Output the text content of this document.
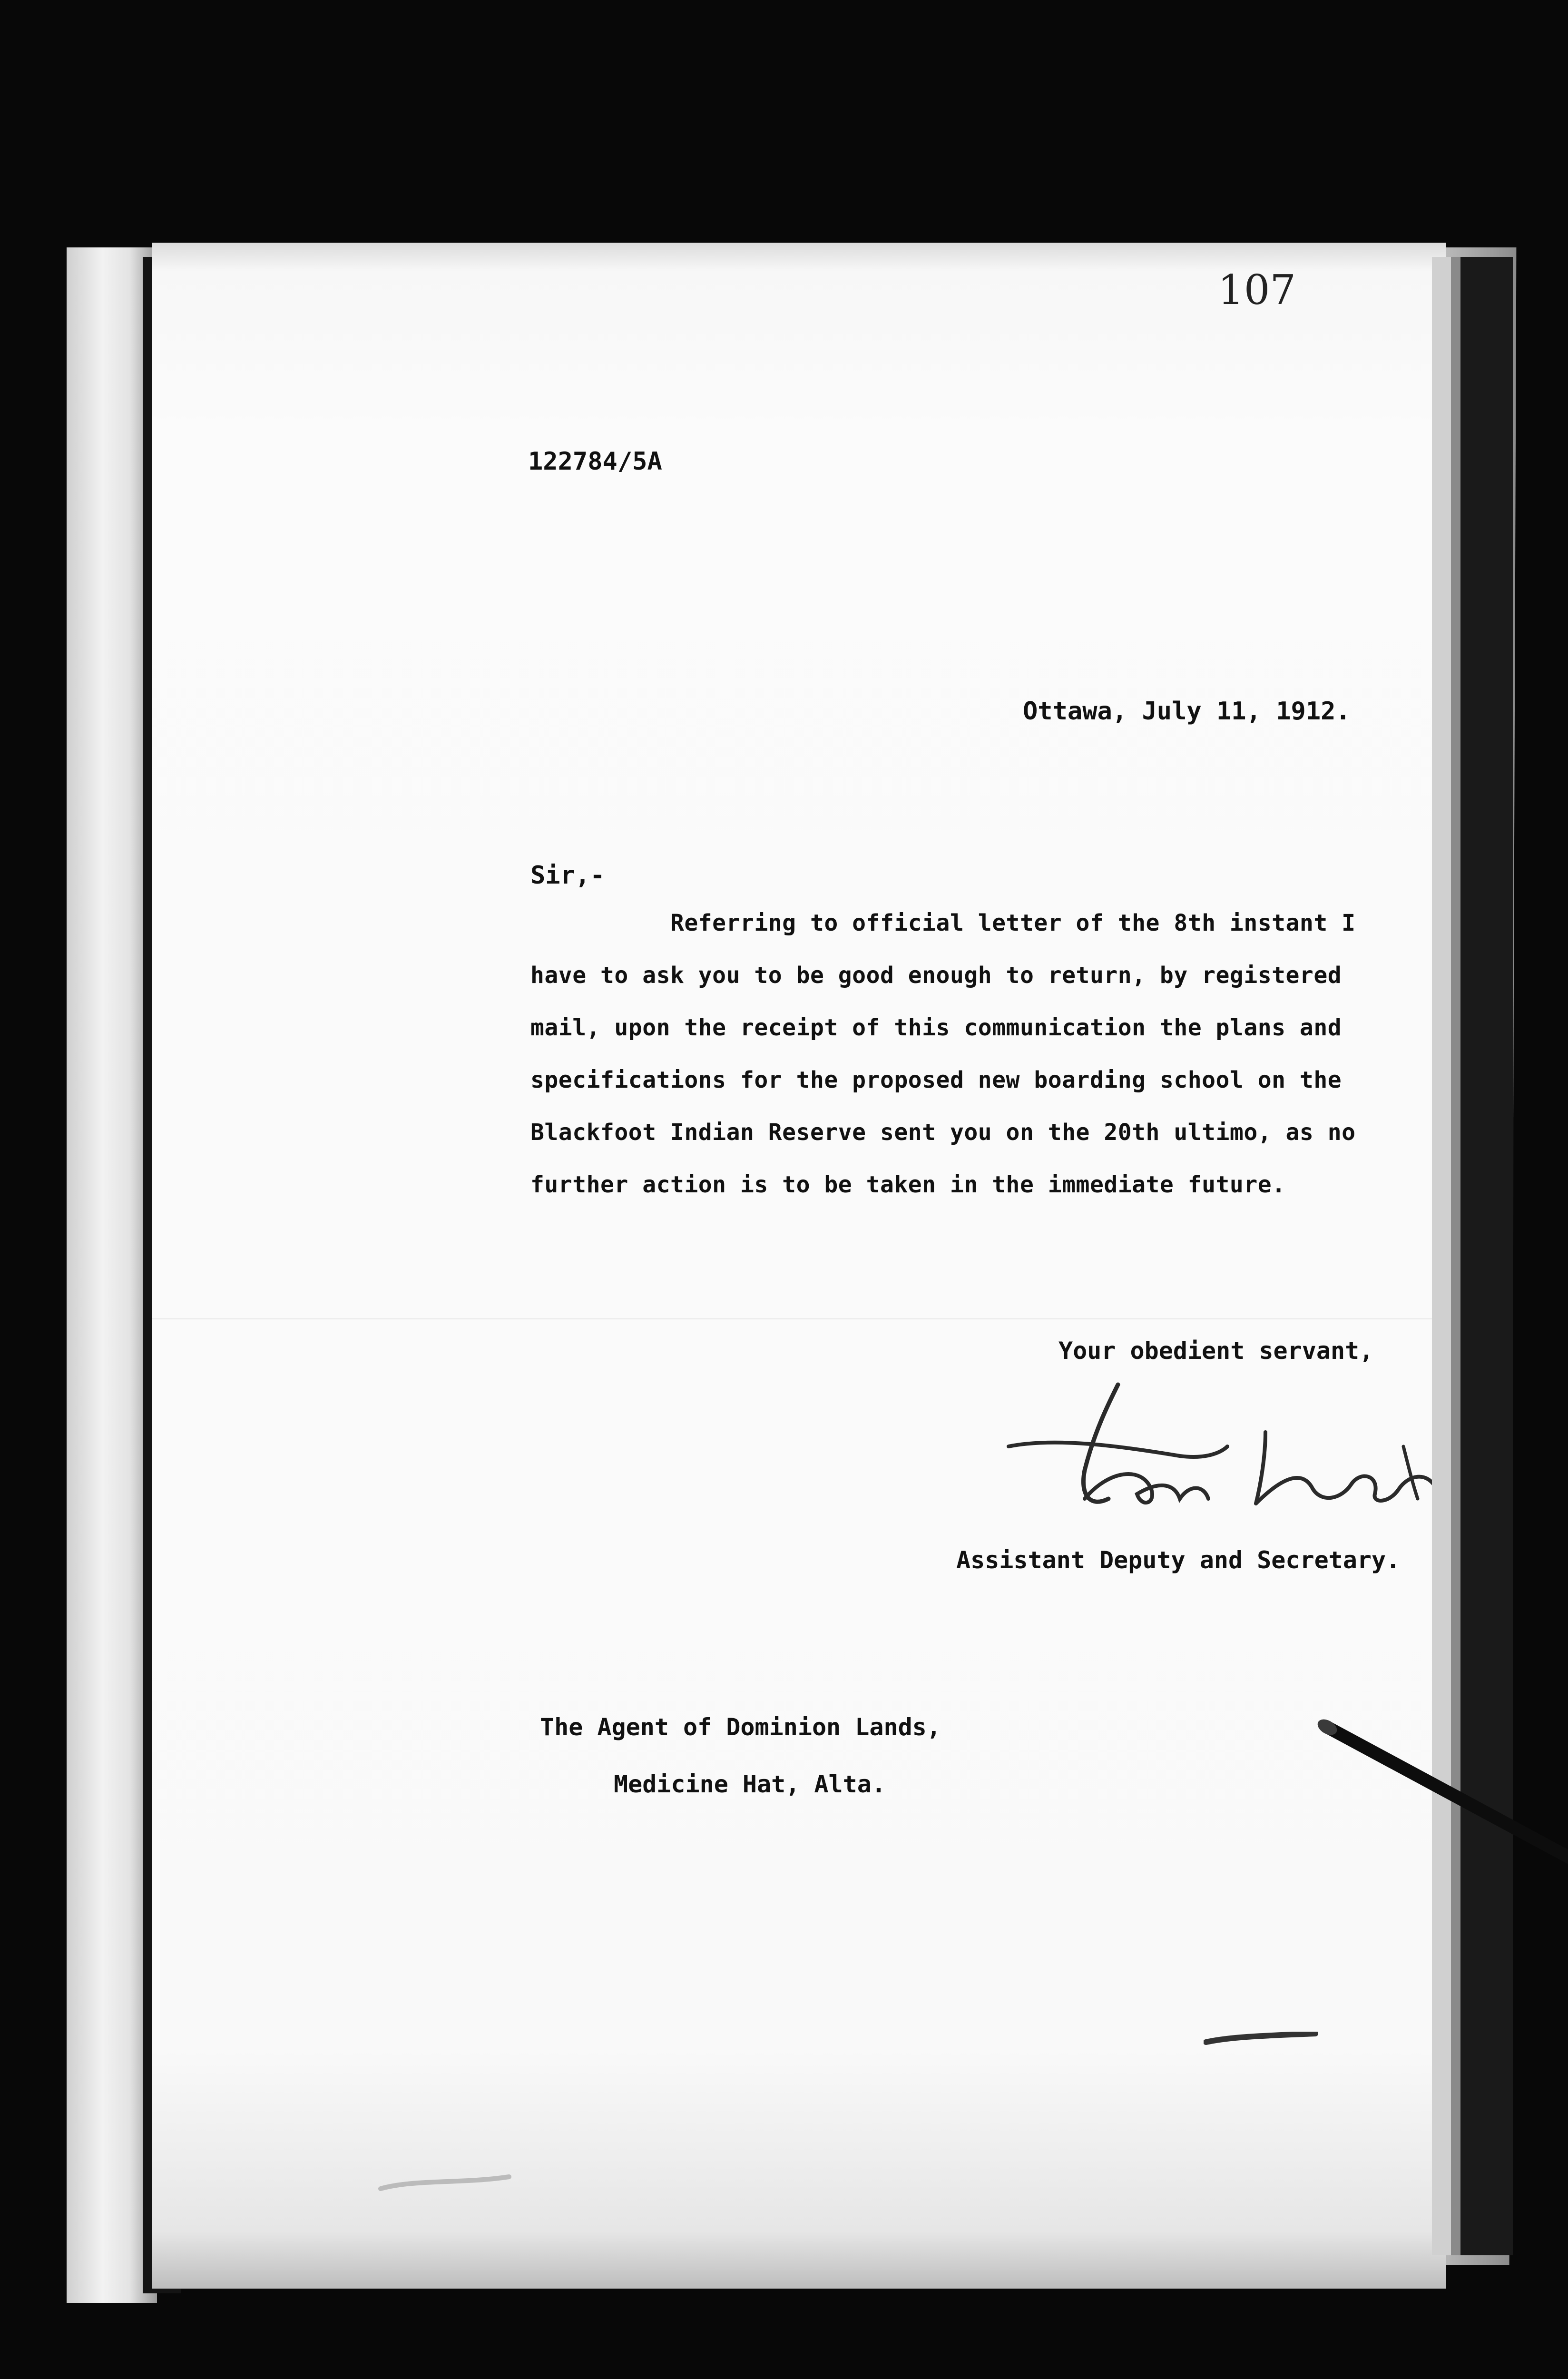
107
122784/5A
Ottawa, July 11, 1912.
Sir,-
Referring to official letter of the 8th instant I
have to ask you to be good enough to return, by registered
mail, upon the receipt of this communication the plans and
specifications for the proposed new boarding school on the
Blackfoot Indian Reserve sent you on the 20th ultimo, as no
further action is to be taken in the immediate future.
Your obedient servant,
Assistant Deputy and Secretary.
The Agent of Dominion Lands,
Medicine Hat, Alta.
